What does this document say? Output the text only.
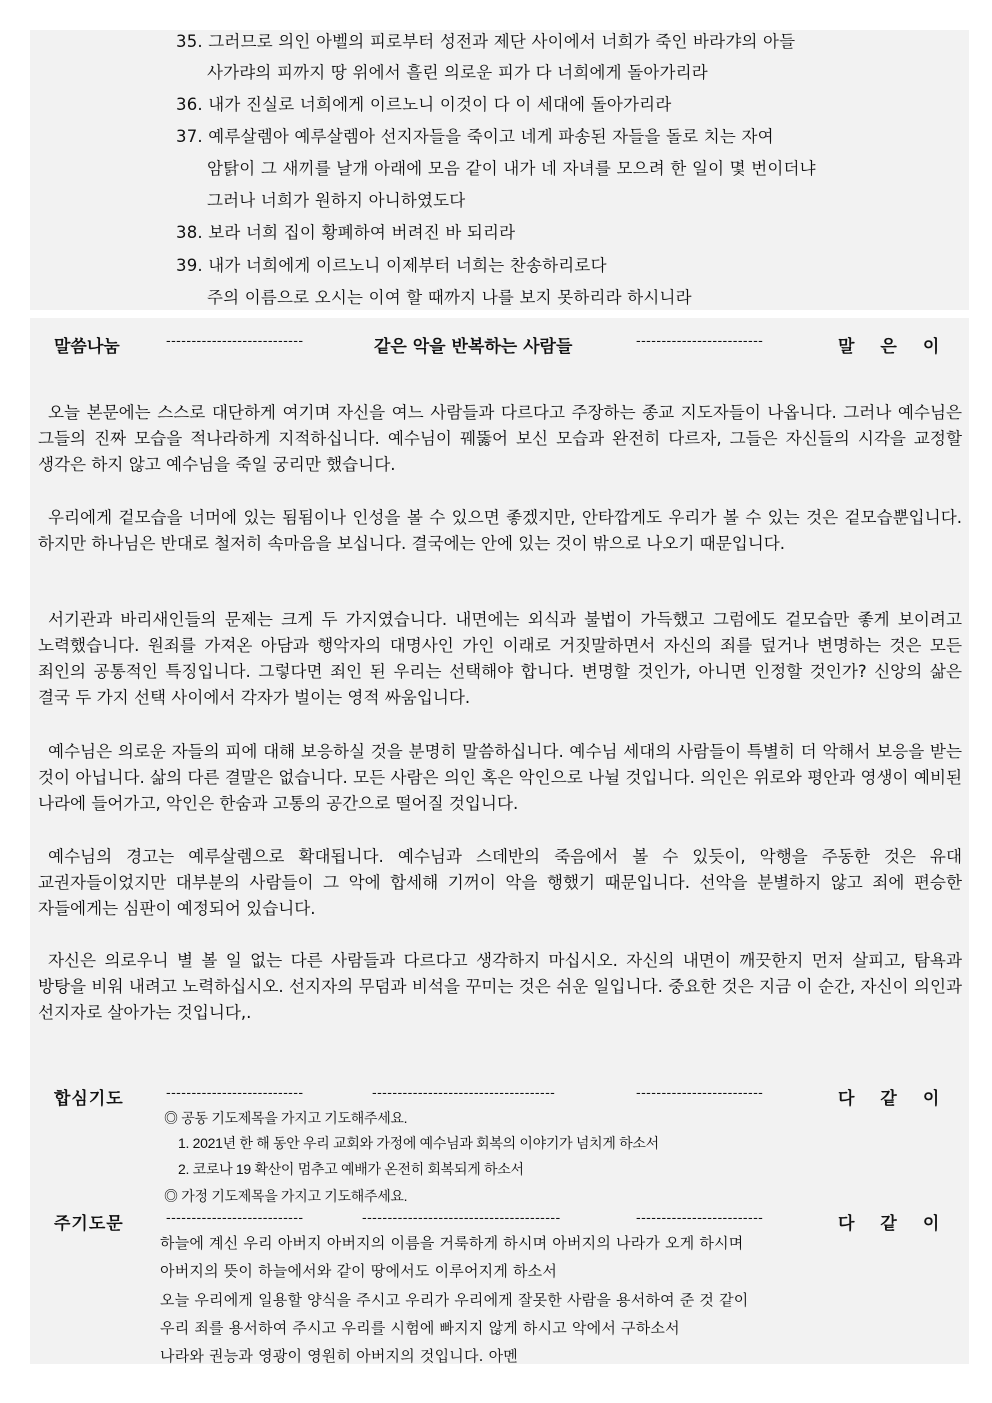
35. 그러므로 의인 아벨의 피로부터 성전과 제단 사이에서 너희가 죽인 바라갸의 아들
사가랴의 피까지 땅 위에서 흘린 의로운 피가 다 너희에게 돌아가리라
36. 내가 진실로 너희에게 이르노니 이것이 다 이 세대에 돌아가리라
37. 예루살렘아 예루살렘아 선지자들을 죽이고 네게 파송된 자들을 돌로 치는 자여
암탉이 그 새끼를 날개 아래에 모음 같이 내가 네 자녀를 모으려 한 일이 몇 번이더냐
그러나 너희가 원하지 아니하였도다
38. 보라 너희 집이 황폐하여 버려진 바 되리라
39. 내가 너희에게 이르노니 이제부터 너희는 찬송하리로다
주의 이름으로 오시는 이여 할 때까지 나를 보지 못하리라 하시니라
말씀나눔	---------------------------	같은 악을 반복하는 사람들	-------------------------	말은이
오늘 본문에는 스스로 대단하게 여기며 자신을 여느 사람들과 다르다고 주장하는 종교 지도자들이 나옵니다. 그러나 예수님은 그들의 진짜 모습을 적나라하게 지적하십니다. 예수님이 꿰뚫어 보신 모습과 완전히 다르자, 그들은 자신들의 시각을 교정할 생각은 하지 않고 예수님을 죽일 궁리만 했습니다.
우리에게 겉모습을 너머에 있는 됨됨이나 인성을 볼 수 있으면 좋겠지만, 안타깝게도 우리가 볼 수 있는 것은 겉모습뿐입니다. 하지만 하나님은 반대로 철저히 속마음을 보십니다. 결국에는 안에 있는 것이 밖으로 나오기 때문입니다.
서기관과 바리새인들의 문제는 크게 두 가지였습니다. 내면에는 외식과 불법이 가득했고 그럼에도 겉모습만 좋게 보이려고 노력했습니다. 원죄를 가져온 아담과 행악자의 대명사인 가인 이래로 거짓말하면서 자신의 죄를 덮거나 변명하는 것은 모든 죄인의 공통적인 특징입니다. 그렇다면 죄인 된 우리는 선택해야 합니다. 변명할 것인가, 아니면 인정할 것인가? 신앙의 삶은 결국 두 가지 선택 사이에서 각자가 벌이는 영적 싸움입니다.
예수님은 의로운 자들의 피에 대해 보응하실 것을 분명히 말씀하십니다. 예수님 세대의 사람들이 특별히 더 악해서 보응을 받는 것이 아닙니다. 삶의 다른 결말은 없습니다. 모든 사람은 의인 혹은 악인으로 나뉠 것입니다. 의인은 위로와 평안과 영생이 예비된 나라에 들어가고, 악인은 한숨과 고통의 공간으로 떨어질 것입니다.
예수님의 경고는 예루살렘으로 확대됩니다. 예수님과 스데반의 죽음에서 볼 수 있듯이, 악행을 주동한 것은 유대 교권자들이었지만 대부분의 사람들이 그 악에 합세해 기꺼이 악을 행했기 때문입니다. 선악을 분별하지 않고 죄에 편승한 자들에게는 심판이 예정되어 있습니다.
자신은 의로우니 별 볼 일 없는 다른 사람들과 다르다고 생각하지 마십시오. 자신의 내면이 깨끗한지 먼저 살피고, 탐욕과 방탕을 비워 내려고 노력하십시오. 선지자의 무덤과 비석을 꾸미는 것은 쉬운 일입니다. 중요한 것은 지금 이 순간, 자신이 의인과 선지자로 살아가는 것입니다,.
합심기도	---------------------------	------------------------------------	-------------------------	다같이
◎ 공동 기도제목을 가지고 기도해주세요.
1. 2021년 한 해 동안 우리 교회와 가정에 예수님과 회복의 이야기가 넘치게 하소서
2. 코로나 19 확산이 멈추고 예배가 온전히 회복되게 하소서
◎ 가정 기도제목을 가지고 기도해주세요.
주기도문	---------------------------	---------------------------------------	-------------------------	다같이
하늘에 계신 우리 아버지 아버지의 이름을 거룩하게 하시며 아버지의 나라가 오게 하시며
아버지의 뜻이 하늘에서와 같이 땅에서도 이루어지게 하소서
오늘 우리에게 일용할 양식을 주시고 우리가 우리에게 잘못한 사람을 용서하여 준 것 같이
우리 죄를 용서하여 주시고 우리를 시험에 빠지지 않게 하시고 악에서 구하소서
나라와 권능과 영광이 영원히 아버지의 것입니다. 아멘
